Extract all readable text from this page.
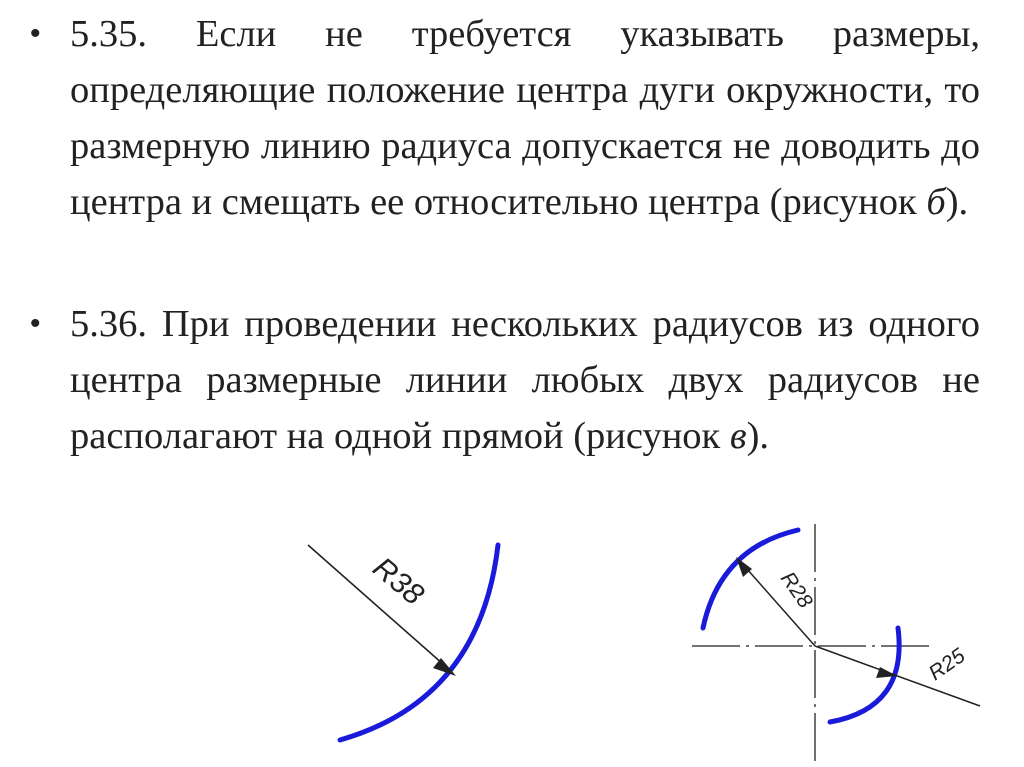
• 5.35. Если не требуется указывать размеры, определяющие положение центра дуги окружности, то размерную линию радиуса допускается не доводить до центра и смещать ее относительно центра (рисунок б).
• 5.36. При проведении нескольких радиусов из одного центра размерные линии любых двух радиусов не располагают на одной прямой (рисунок в).
R38	R28
R25
